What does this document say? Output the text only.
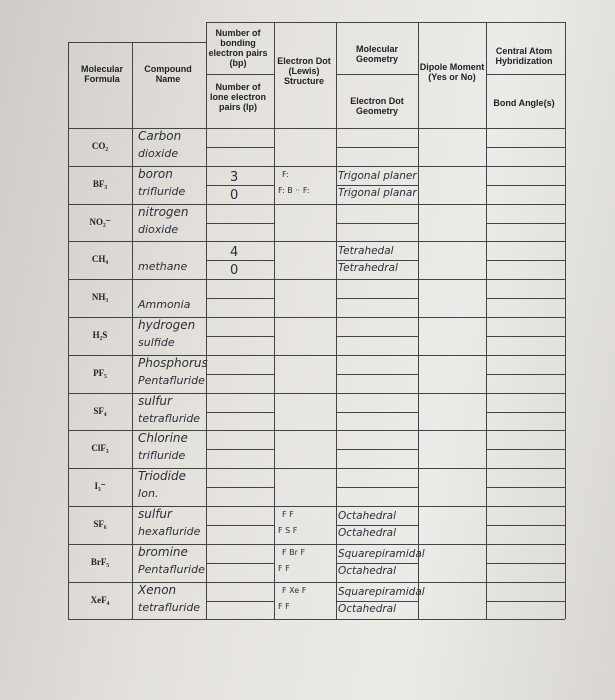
Molecular Formula
Compound Name
Number of bonding electron pairs (bp)
Number of lone electron pairs (lp)
Electron Dot (Lewis) Structure
Molecular Geometry
Electron Dot Geometry
Dipole Moment (Yes or No)
Central Atom Hybridization
Bond Angle(s)
CO₂
Carbon
dioxide
BF₃
boron
trifluride
3
0
F:
F: B ·· F:
Trigonal planer
Trigonal planar
NO₂⁻
nitrogen
dioxide
CH₄
methane
4
0
Tetrahedal
Tetrahedral
NH₃
Ammonia
H₂S
hydrogen
sulfide
PF₅
Phosphorus
Pentafluride
SF₄
sulfur
tetrafluride
ClF₃
Chlorine
trifluride
I₃⁻
Triodide
Ion.
SF₆
sulfur
hexafluride
F F
F S F
Octahedral
Octahedral
BrF₅
bromine
Pentafluride
F Br F
F F
Squarepiramidal
Octahedral
XeF₄
Xenon
tetrafluride
F Xe F
F F
Squarepiramidal
Octahedral
